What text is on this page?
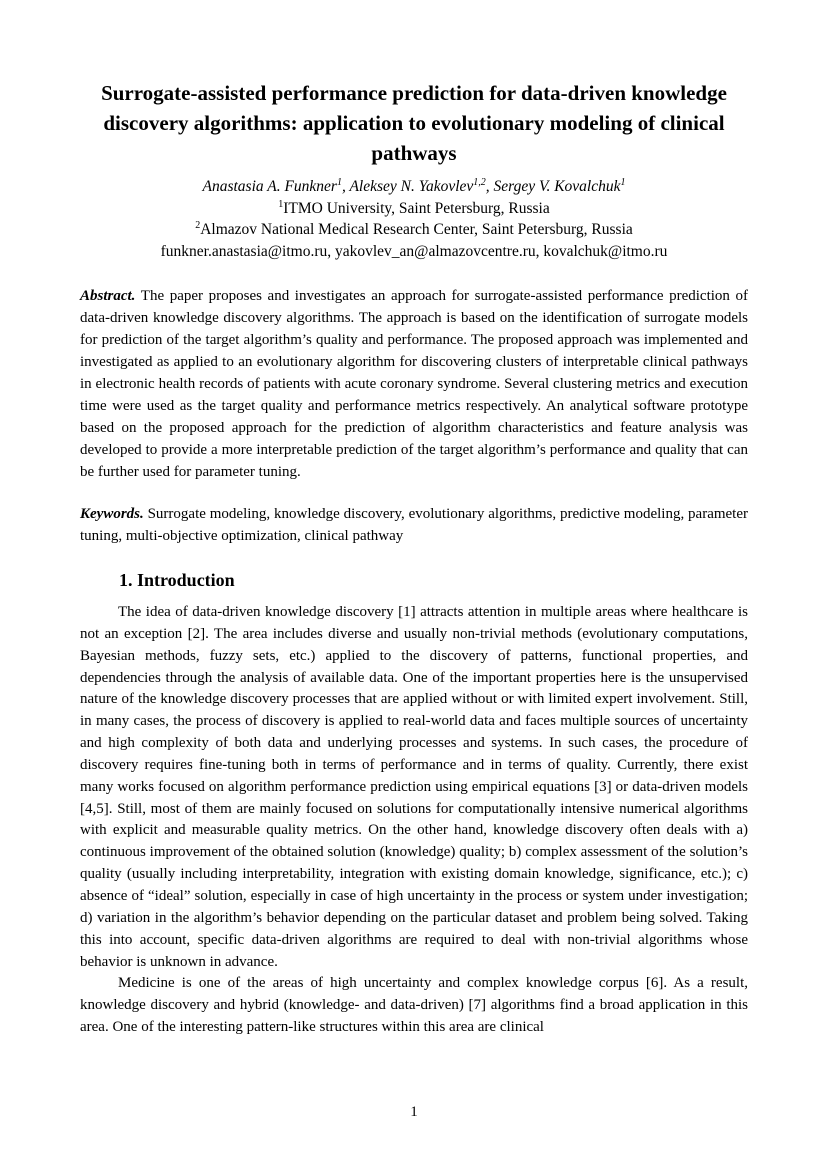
Surrogate-assisted performance prediction for data-driven knowledge discovery algorithms: application to evolutionary modeling of clinical pathways

Anastasia A. Funkner$^1$, Aleksey N. Yakovlev$^{1,2}$, Sergey V. Kovalchuk$^1$

$^1$ITMO University, Saint Petersburg, Russia

$^2$Almazov National Medical Research Center, Saint Petersburg, Russia

funkner.anastasia@itmo.ru, yakovlev_an@almazovcentre.ru, kovalchuk@itmo.ru

Abstract. The paper proposes and investigates an approach for surrogate-assisted performance prediction of data-driven knowledge discovery algorithms. The approach is based on the identification of surrogate models for prediction of the target algorithm’s quality and performance. The proposed approach was implemented and investigated as applied to an evolutionary algorithm for discovering clusters of interpretable clinical pathways in electronic health records of patients with acute coronary syndrome. Several clustering metrics and execution time were used as the target quality and performance metrics respectively. An analytical software prototype based on the proposed approach for the prediction of algorithm characteristics and feature analysis was developed to provide a more interpretable prediction of the target algorithm’s performance and quality that can be further used for parameter tuning.
Keywords. Surrogate modeling, knowledge discovery, evolutionary algorithms, predictive modeling, parameter tuning, multi-objective optimization, clinical pathway
1. Introduction

The idea of data-driven knowledge discovery [1] attracts attention in multiple areas where healthcare is not an exception [2]. The area includes diverse and usually non-trivial methods (evolutionary computations, Bayesian methods, fuzzy sets, etc.) applied to the discovery of patterns, functional properties, and dependencies through the analysis of available data. One of the important properties here is the unsupervised nature of the knowledge discovery processes that are applied without or with limited expert involvement. Still, in many cases, the process of discovery is applied to real-world data and faces multiple sources of uncertainty and high complexity of both data and underlying processes and systems. In such cases, the procedure of discovery requires fine-tuning both in terms of performance and in terms of quality. Currently, there exist many works focused on algorithm performance prediction using empirical equations [3] or data-driven models [4,5]. Still, most of them are mainly focused on solutions for computationally intensive numerical algorithms with explicit and measurable quality metrics. On the other hand, knowledge discovery often deals with a) continuous improvement of the obtained solution (knowledge) quality; b) complex assessment of the solution’s quality (usually including interpretability, integration with existing domain knowledge, significance, etc.); c) absence of “ideal” solution, especially in case of high uncertainty in the process or system under investigation; d) variation in the algorithm’s behavior depending on the particular dataset and problem being solved. Taking this into account, specific data-driven algorithms are required to deal with non-trivial algorithms whose behavior is unknown in advance.

Medicine is one of the areas of high uncertainty and complex knowledge corpus [6]. As a result, knowledge discovery and hybrid (knowledge- and data-driven) [7] algorithms find a broad application in this area. One of the interesting pattern-like structures within this area are clinical

1
